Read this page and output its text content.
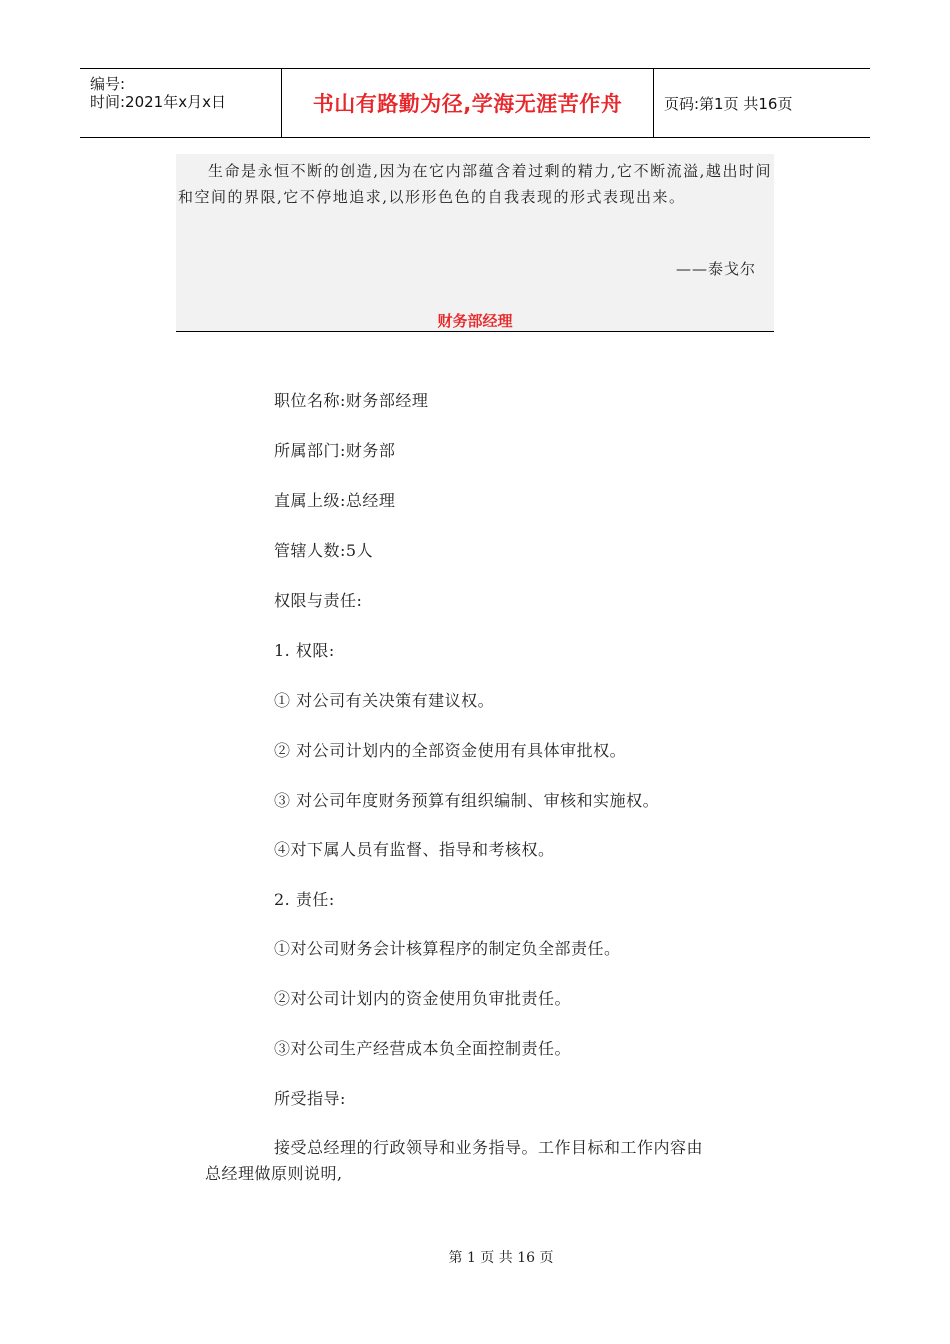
编号:
时间:2021年x月x日	书山有路勤为径,学海无涯苦作舟	页码:第1页 共16页
生命是永恒不断的创造,因为在它内部蕴含着过剩的精力,它不断流溢,越出时间和空间的界限,它不停地追求,以形形色色的自我表现的形式表现出来。
——泰戈尔
财务部经理
职位名称:财务部经理
所属部门:财务部
直属上级:总经理
管辖人数:5人
权限与责任:
1. 权限:
① 对公司有关决策有建议权。
② 对公司计划内的全部资金使用有具体审批权。
③ 对公司年度财务预算有组织编制、审核和实施权。
④对下属人员有监督、指导和考核权。
2. 责任:
①对公司财务会计核算程序的制定负全部责任。
②对公司计划内的资金使用负审批责任。
③对公司生产经营成本负全面控制责任。
所受指导:
接受总经理的行政领导和业务指导。工作目标和工作内容由
总经理做原则说明,
第 1 页 共 16 页
